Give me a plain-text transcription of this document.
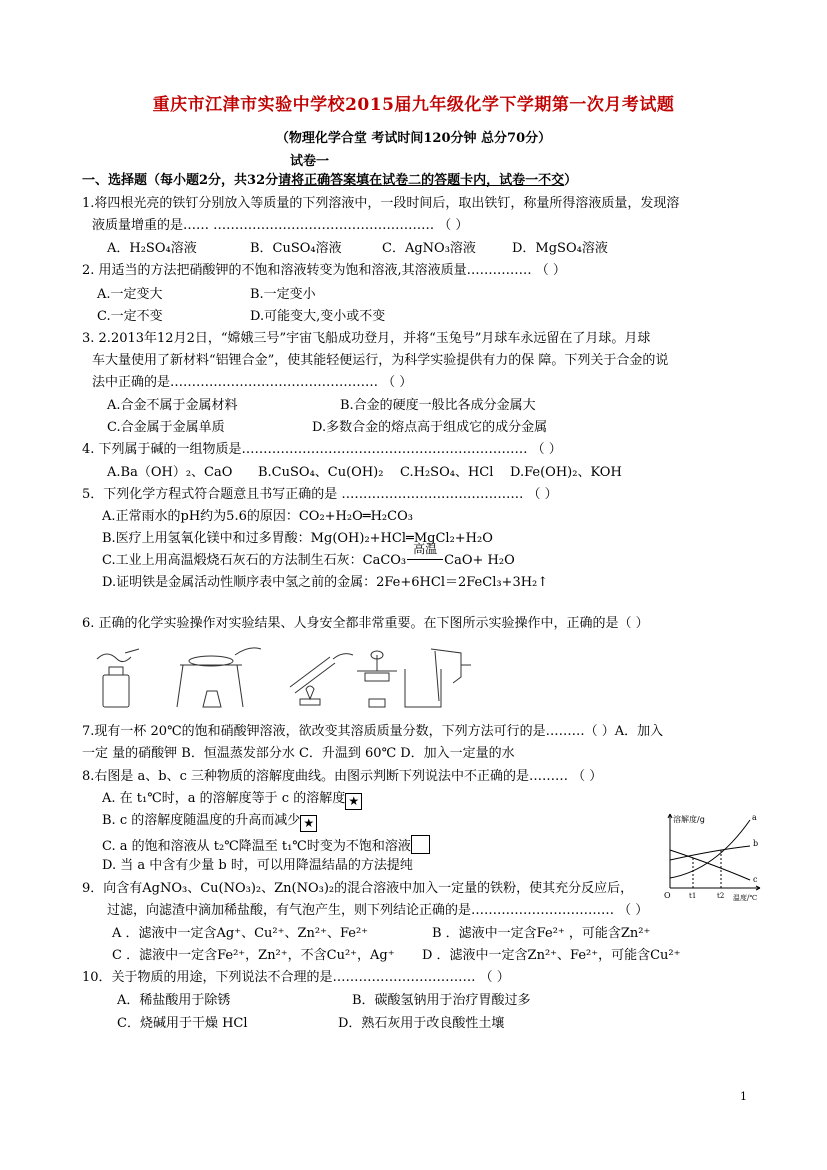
重庆市江津市实验中学校2015届九年级化学下学期第一次月考试题
（物理化学合堂 考试时间120分钟 总分70分）
试卷一
一、选择题（每小题2分，共32分请将正确答案填在试卷二的答题卡内，试卷一不交）
1.将四根光亮的铁钉分别放入等质量的下列溶液中，一段时间后，取出铁钉，称量所得溶液质量，发现溶
液质量增重的是…… …………………………………………… （ ）
A．H₂SO₄溶液	B．CuSO₄溶液	C．AgNO₃溶液	D．MgSO₄溶液
2. 用适当的方法把硝酸钾的不饱和溶液转变为饱和溶液,其溶液质量…………… （ ）
A.一定变大	B.一定变小
C.一定不变	D.可能变大,变小或不变
3. 2.2013年12月2日，“嫦娥三号”宇宙飞船成功登月，并将“玉兔号”月球车永远留在了月球。月球
车大量使用了新材料“铝锂合金”，使其能轻便运行，为科学实验提供有力的保 障。下列关于合金的说
法中正确的是………………………………………… （ ）
A.合金不属于金属材料	B.合金的硬度一般比各成分金属大
C.合金属于金属单质	D.多数合金的熔点高于组成它的成分金属
4. 下列属于碱的一组物质是………………………………………………………… （ ）
A.Ba（OH）₂、CaO B.CuSO₄、Cu(OH)₂ C.H₂SO₄、HCl D.Fe(OH)₂、KOH
5．下列化学方程式符合题意且书写正确的是 …………………………………… （ ）
A.正常雨水的pH约为5.6的原因：CO₂+H₂O═H₂CO₃
B.医疗上用氢氧化镁中和过多胃酸：Mg(OH)₂+HCl═MgCl₂+H₂O
C.工业上用高温煅烧石灰石的方法制生石灰：CaCO₃
高温
CaO+ H₂O
D.证明铁是金属活动性顺序表中氢之前的金属：2Fe+6HCl＝2FeCl₃+3H₂↑
6. 正确的化学实验操作对实验结果、人身安全都非常重要。在下图所示实验操作中，正确的是（ ）
7.现有一杯 20℃的饱和硝酸钾溶液，欲改变其溶质质量分数，下列方法可行的是………（ ）A．加入
一定 量的硝酸钾 B．恒温蒸发部分水 C．升温到 60℃ D．加入一定量的水
8.右图是 a、b、c 三种物质的溶解度曲线。由图示判断下列说法中不正确的是……… （ ）
A. 在 t₁℃时，a 的溶解度等于 c 的溶解度 ★
B. c 的溶解度随温度的升高而减少 ★
C. a 的饱和溶液从 t₂℃降温至 t₁℃时变为不饱和溶液
D. 当 a 中含有少量 b 时，可以用降温结晶的方法提纯
溶解度/g
O	t1	t2 温度/℃
a
b
c
9．向含有AgNO₃、Cu(NO₃)₂、Zn(NO₃)₂的混合溶液中加入一定量的铁粉，使其充分反应后，
过滤，向滤渣中滴加稀盐酸，有气泡产生，则下列结论正确的是…………………………… （ ）
A ．滤液中一定含Ag⁺、Cu²⁺、Zn²⁺、Fe²⁺	B ．滤液中一定含Fe²⁺ ，可能含Zn²⁺
C ．滤液中一定含Fe²⁺，Zn²⁺，不含Cu²⁺，Ag⁺ D ．滤液中一定含Zn²⁺、Fe²⁺，可能含Cu²⁺
10．关于物质的用途，下列说法不合理的是…………………………… （ ）
A．稀盐酸用于除锈	B．碳酸氢钠用于治疗胃酸过多
C．烧碱用于干燥 HCl	D．熟石灰用于改良酸性土壤
1
